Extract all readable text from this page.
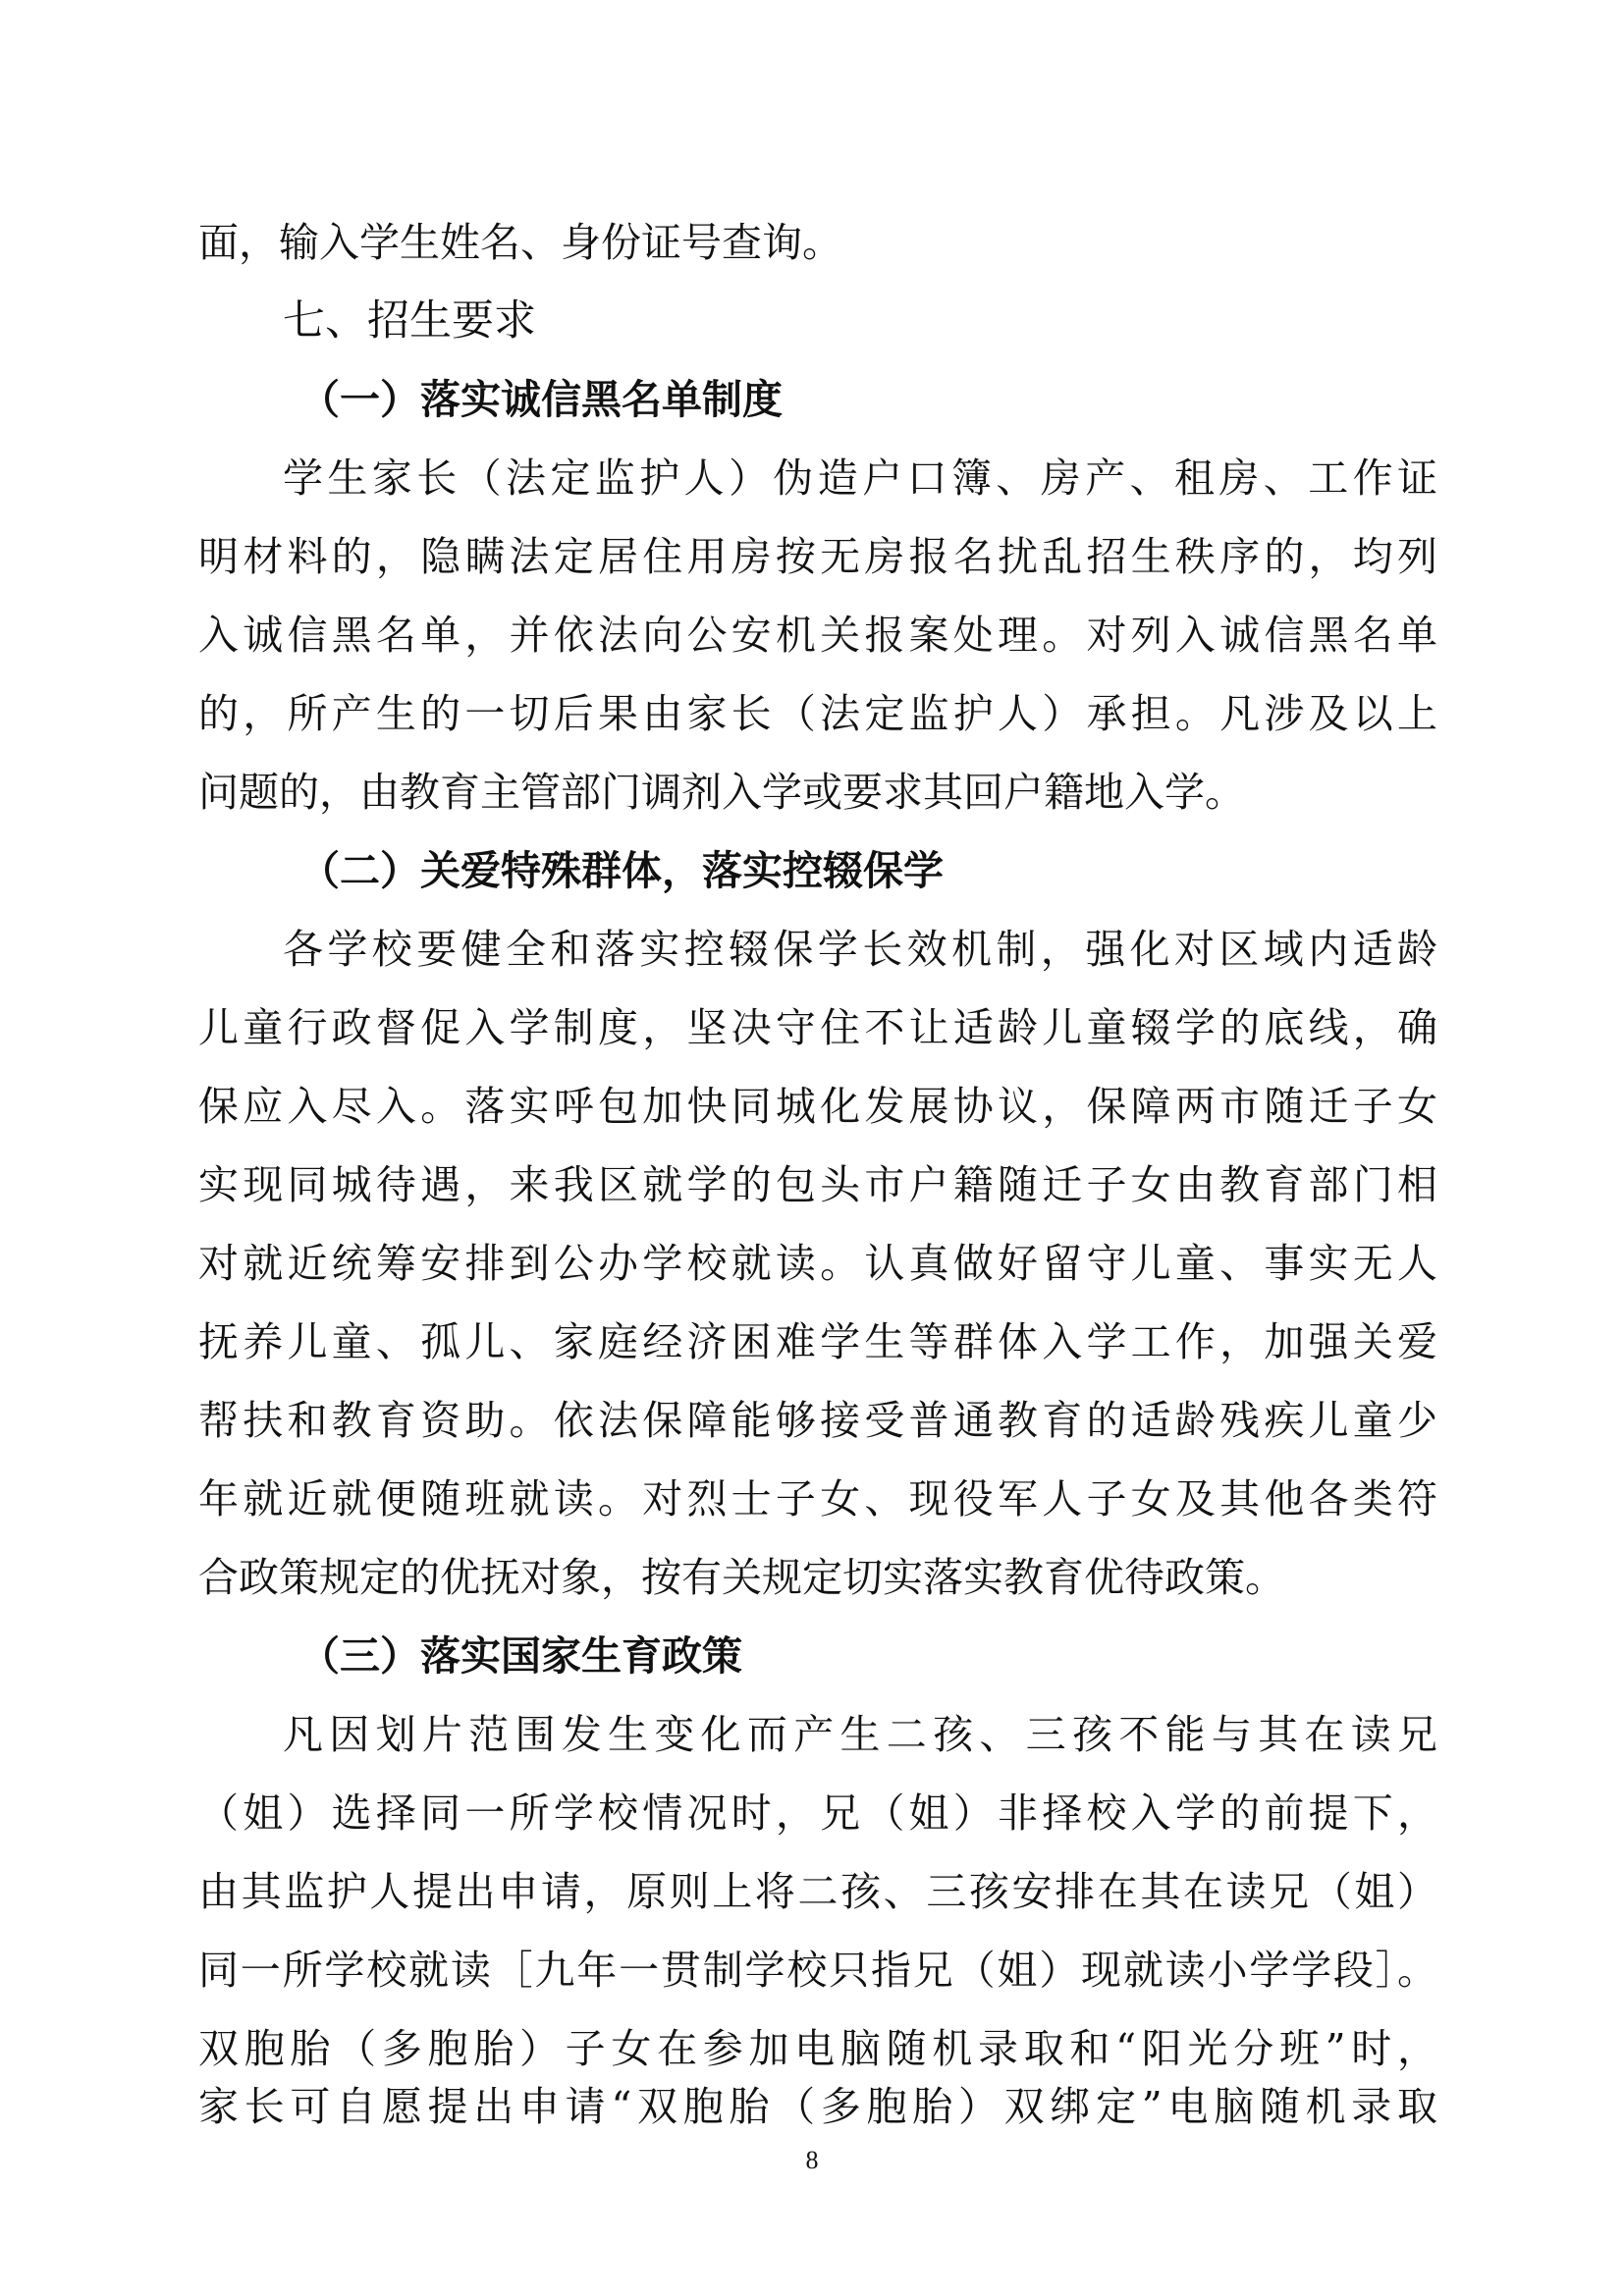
面，输入学生姓名、身份证号查询。
七、招生要求
（一）落实诚信黑名单制度
学生家长（法定监护人）伪造户口簿、房产、租房、工作证
明材料的，隐瞒法定居住用房按无房报名扰乱招生秩序的，均列
入诚信黑名单，并依法向公安机关报案处理。对列入诚信黑名单
的，所产生的一切后果由家长（法定监护人）承担。凡涉及以上
问题的，由教育主管部门调剂入学或要求其回户籍地入学。
（二）关爱特殊群体，落实控辍保学
各学校要健全和落实控辍保学长效机制，强化对区域内适龄
儿童行政督促入学制度，坚决守住不让适龄儿童辍学的底线，确
保应入尽入。落实呼包加快同城化发展协议，保障两市随迁子女
实现同城待遇，来我区就学的包头市户籍随迁子女由教育部门相
对就近统筹安排到公办学校就读。认真做好留守儿童、事实无人
抚养儿童、孤儿、家庭经济困难学生等群体入学工作，加强关爱
帮扶和教育资助。依法保障能够接受普通教育的适龄残疾儿童少
年就近就便随班就读。对烈士子女、现役军人子女及其他各类符
合政策规定的优抚对象，按有关规定切实落实教育优待政策。
（三）落实国家生育政策
凡因划片范围发生变化而产生二孩、三孩不能与其在读兄
（姐）选择同一所学校情况时，兄（姐）非择校入学的前提下，
由其监护人提出申请，原则上将二孩、三孩安排在其在读兄（姐）
同一所学校就读［九年一贯制学校只指兄（姐）现就读小学学段］。
双胞胎（多胞胎）子女在参加电脑随机录取和“阳光分班”时，
家长可自愿提出申请“双胞胎（多胞胎）双绑定”电脑随机录取
8
